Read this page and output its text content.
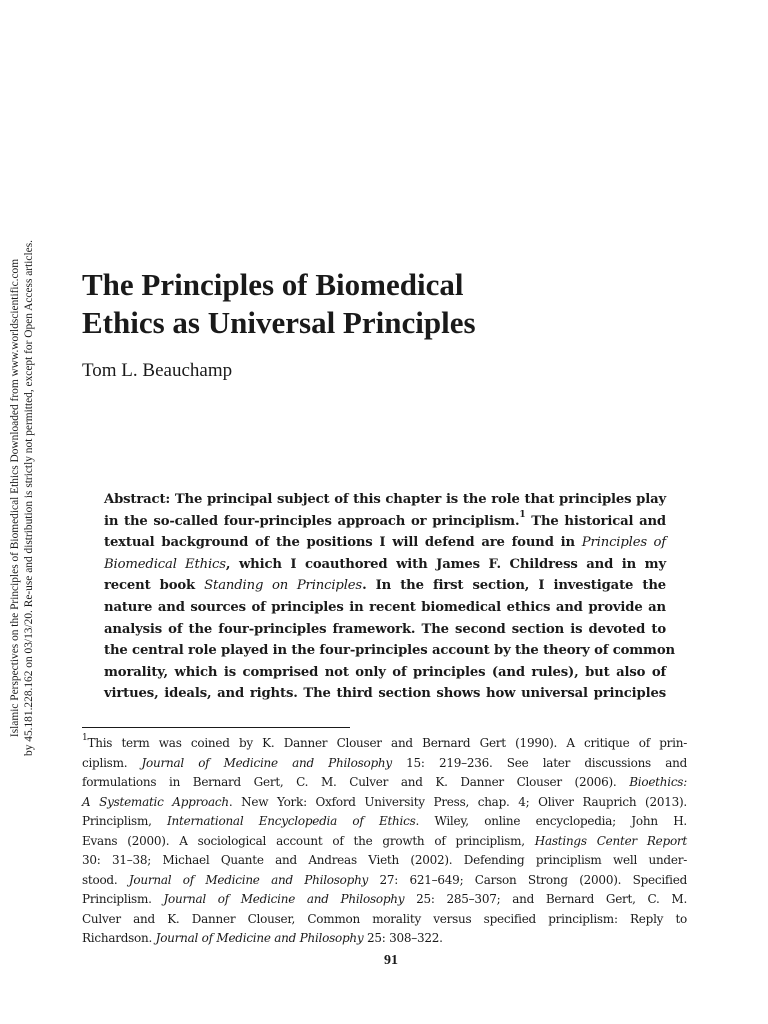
Islamic Perspectives on the Principles of Biomedical Ethics Downloaded from www.worldscientific.com by 45.181.228.162 on 03/13/20. Re-use and distribution is strictly not permitted, except for Open Access articles. The Principles of Biomedical
Ethics as Universal Principles
Tom L. Beauchamp
Abstract: The principal subject of this chapter is the role that principles play
in the so-called four-principles approach or principlism.$^1$ The historical and
textual background of the positions I will defend are found in Principles of
Biomedical Ethics, which I coauthored with James F. Childress and in my
recent book Standing on Principles. In the first section, I investigate the
nature and sources of principles in recent biomedical ethics and provide an
analysis of the four-principles framework. The second section is devoted to
the central role played in the four-principles account by the theory of common
morality, which is comprised not only of principles (and rules), but also of
virtues, ideals, and rights. The third section shows how universal principles
$^1$This term was coined by K. Danner Clouser and Bernard Gert (1990). A critique of prin-
ciplism. Journal of Medicine and Philosophy 15: 219–236. See later discussions and
formulations in Bernard Gert, C. M. Culver and K. Danner Clouser (2006). Bioethics:
A Systematic Approach. New York: Oxford University Press, chap. 4; Oliver Rauprich (2013).
Principlism, International Encyclopedia of Ethics. Wiley, online encyclopedia; John H.
Evans (2000). A sociological account of the growth of principlism, Hastings Center Report
30: 31–38; Michael Quante and Andreas Vieth (2002). Defending principlism well under-
stood. Journal of Medicine and Philosophy 27: 621–649; Carson Strong (2000). Specified
Principlism. Journal of Medicine and Philosophy 25: 285–307; and Bernard Gert, C. M.
Culver and K. Danner Clouser, Common morality versus specified principlism: Reply to
Richardson. Journal of Medicine and Philosophy 25: 308–322.
91
